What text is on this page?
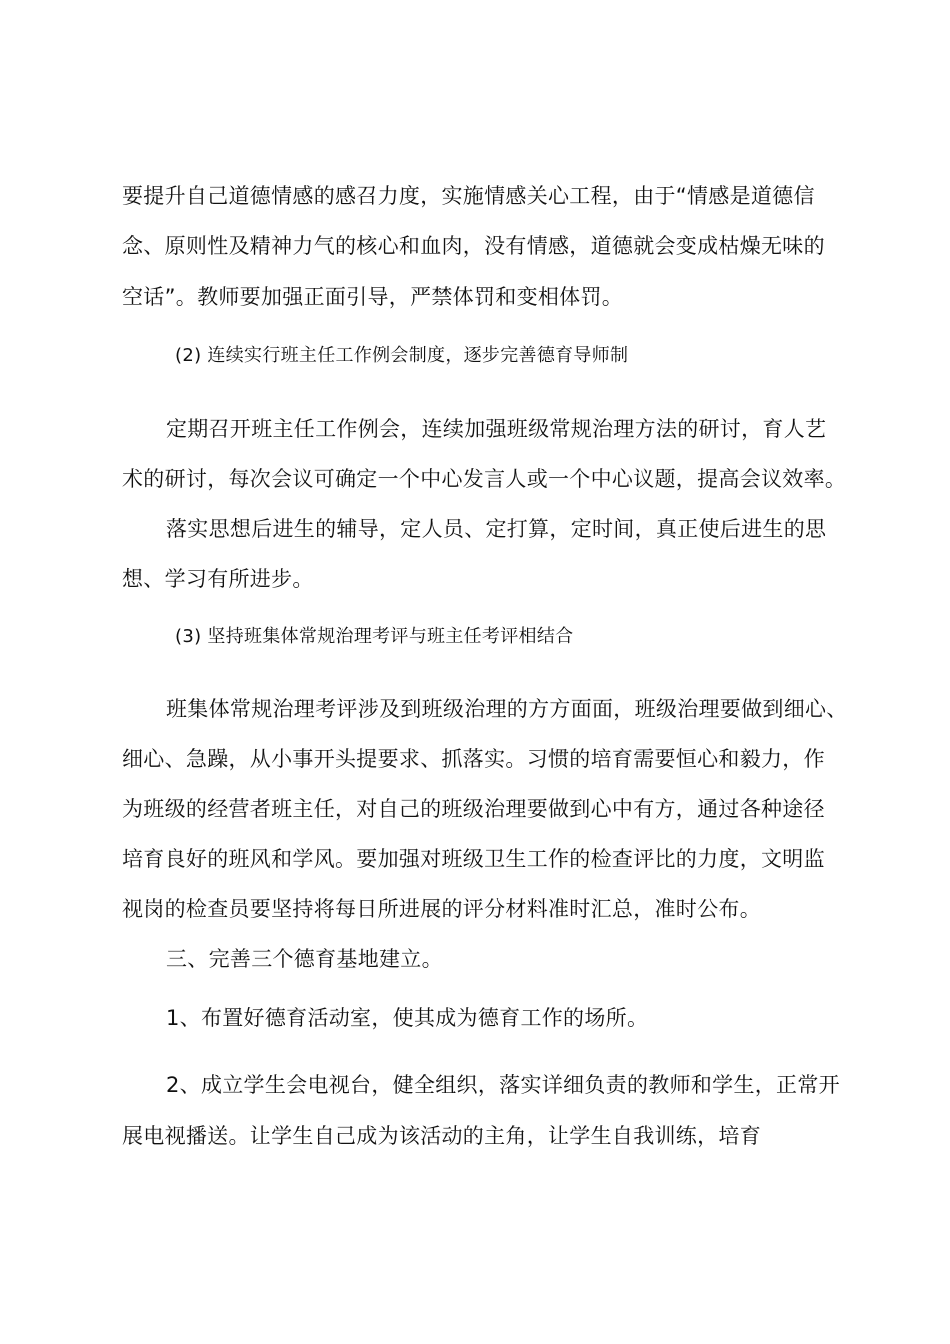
要提升自己道德情感的感召力度，实施情感关心工程，由于“情感是道德信
念、原则性及精神力气的核心和血肉，没有情感，道德就会变成枯燥无味的
空话”。教师要加强正面引导，严禁体罚和变相体罚。
(2) 连续实行班主任工作例会制度，逐步完善德育导师制
定期召开班主任工作例会，连续加强班级常规治理方法的研讨，育人艺
术的研讨，每次会议可确定一个中心发言人或一个中心议题，提高会议效率。
落实思想后进生的辅导，定人员、定打算，定时间，真正使后进生的思
想、学习有所进步。
(3) 坚持班集体常规治理考评与班主任考评相结合
班集体常规治理考评涉及到班级治理的方方面面，班级治理要做到细心、
细心、急躁，从小事开头提要求、抓落实。习惯的培育需要恒心和毅力，作
为班级的经营者班主任，对自己的班级治理要做到心中有方，通过各种途径
培育良好的班风和学风。要加强对班级卫生工作的检查评比的力度，文明监
视岗的检查员要坚持将每日所进展的评分材料准时汇总，准时公布。
三、完善三个德育基地建立。
1、布置好德育活动室，使其成为德育工作的场所。
2、成立学生会电视台，健全组织，落实详细负责的教师和学生，正常开
展电视播送。让学生自己成为该活动的主角，让学生自我训练，培育
